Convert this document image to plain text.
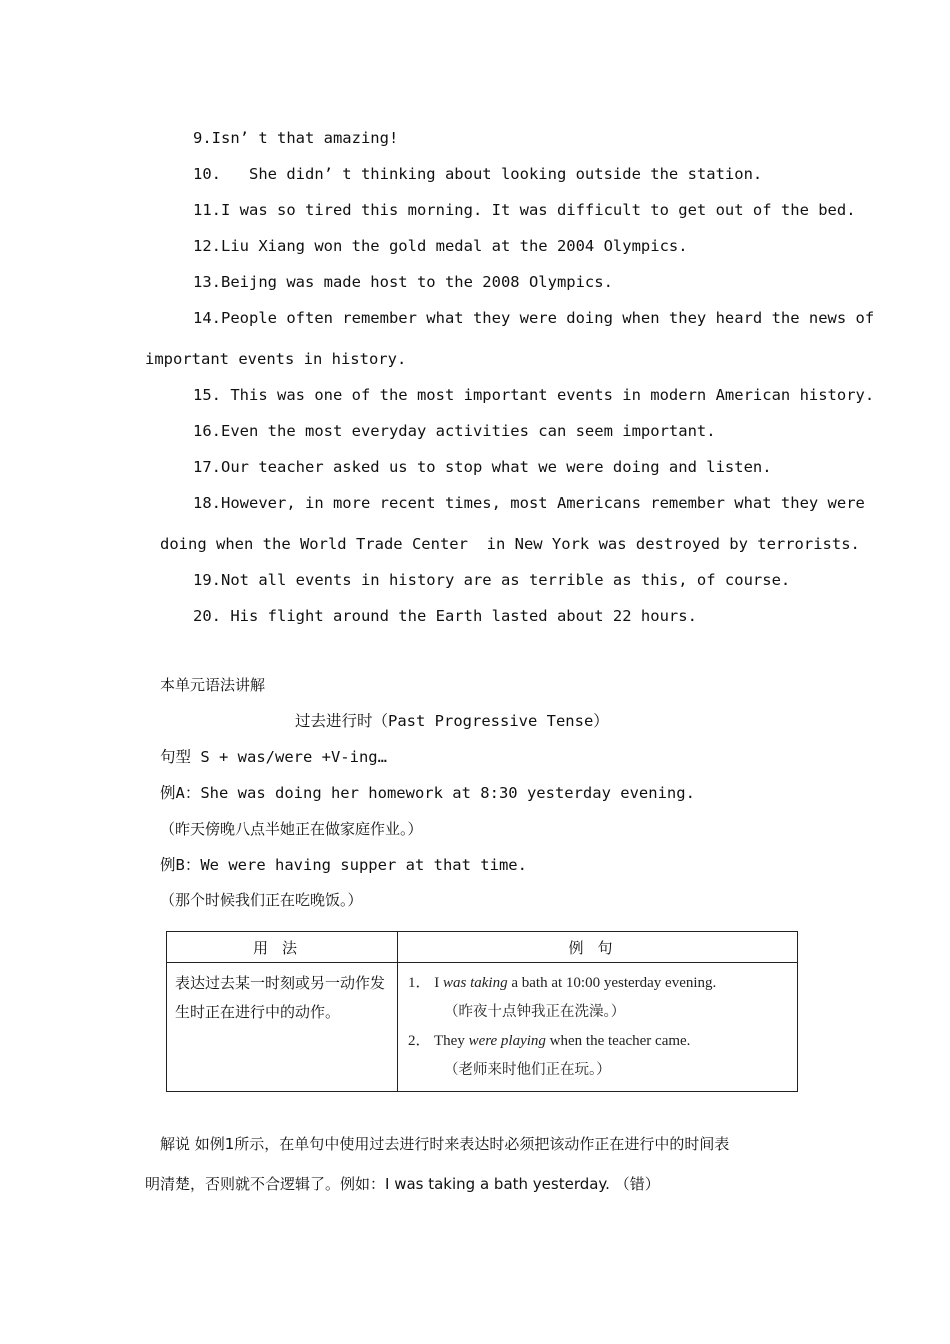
9.Isn’ t that amazing!
10.   She didn’ t thinking about looking outside the station.
11.I was so tired this morning. It was difficult to get out of the bed.
12.Liu Xiang won the gold medal at the 2004 Olympics.
13.Beijng was made host to the 2008 Olympics.
14.People often remember what they were doing when they heard the news of
important events in history.
15. This was one of the most important events in modern American history.
16.Even the most everyday activities can seem important.
17.Our teacher asked us to stop what we were doing and listen.
18.However, in more recent times, most Americans remember what they were
doing when the World Trade Center  in New York was destroyed by terrorists.
19.Not all events in history are as terrible as this, of course.
20. His flight around the Earth lasted about 22 hours.
本单元语法讲解
过去进行时（Past Progressive Tense）
句型 S + was/were +V-ing…
例A：She was doing her homework at 8:30 yesterday evening.
（昨天傍晚八点半她正在做家庭作业。）
例B：We were having supper at that time.
（那个时候我们正在吃晚饭。）
用法	例句
表达过去某一时刻或另一动作发生时正在进行中的动作。	1． I was taking a bath at 10:00 yesterday evening.
（昨夜十点钟我正在洗澡。）
2． They were playing when the teacher came.
（老师来时他们正在玩。）
解说 如例1所示，在单句中使用过去进行时来表达时必须把该动作正在进行中的时间表
明清楚，否则就不合逻辑了。例如：I was taking a bath yesterday. （错）
